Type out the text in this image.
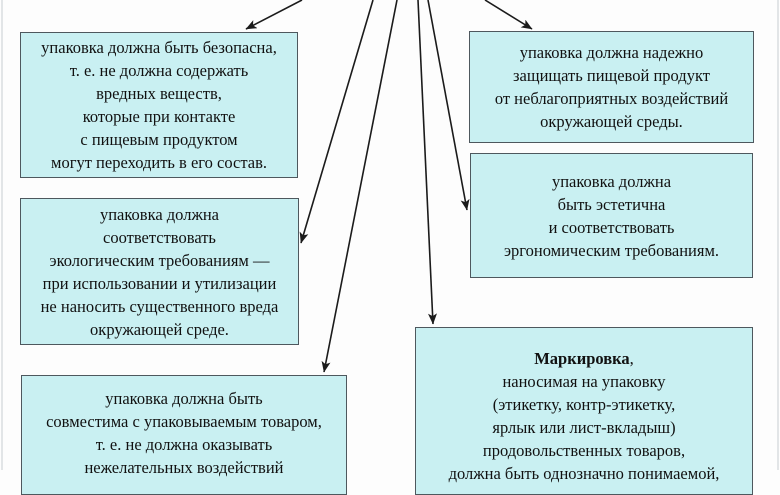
упаковка должна быть безопасна,
т. е. не должна содержать
вредных веществ,
которые при контакте
с пищевым продуктом
могут переходить в его состав.
упаковка должна
соответствовать
экологическим требованиям —
при использовании и утилизации
не наносить существенного вреда
окружающей среде.
упаковка должна быть
совместима с упаковываемым товаром,
т. е. не должна оказывать
нежелательных воздействий
упаковка должна надежно
защищать пищевой продукт
от неблагоприятных воздействий
окружающей среды.
упаковка должна
быть эстетична
и соответствовать
эргономическим требованиям.
Маркировка,
наносимая на упаковку
(этикетку, контр-этикетку,
ярлык или лист-вкладыш)
продовольственных товаров,
должна быть однозначно понимаемой,
